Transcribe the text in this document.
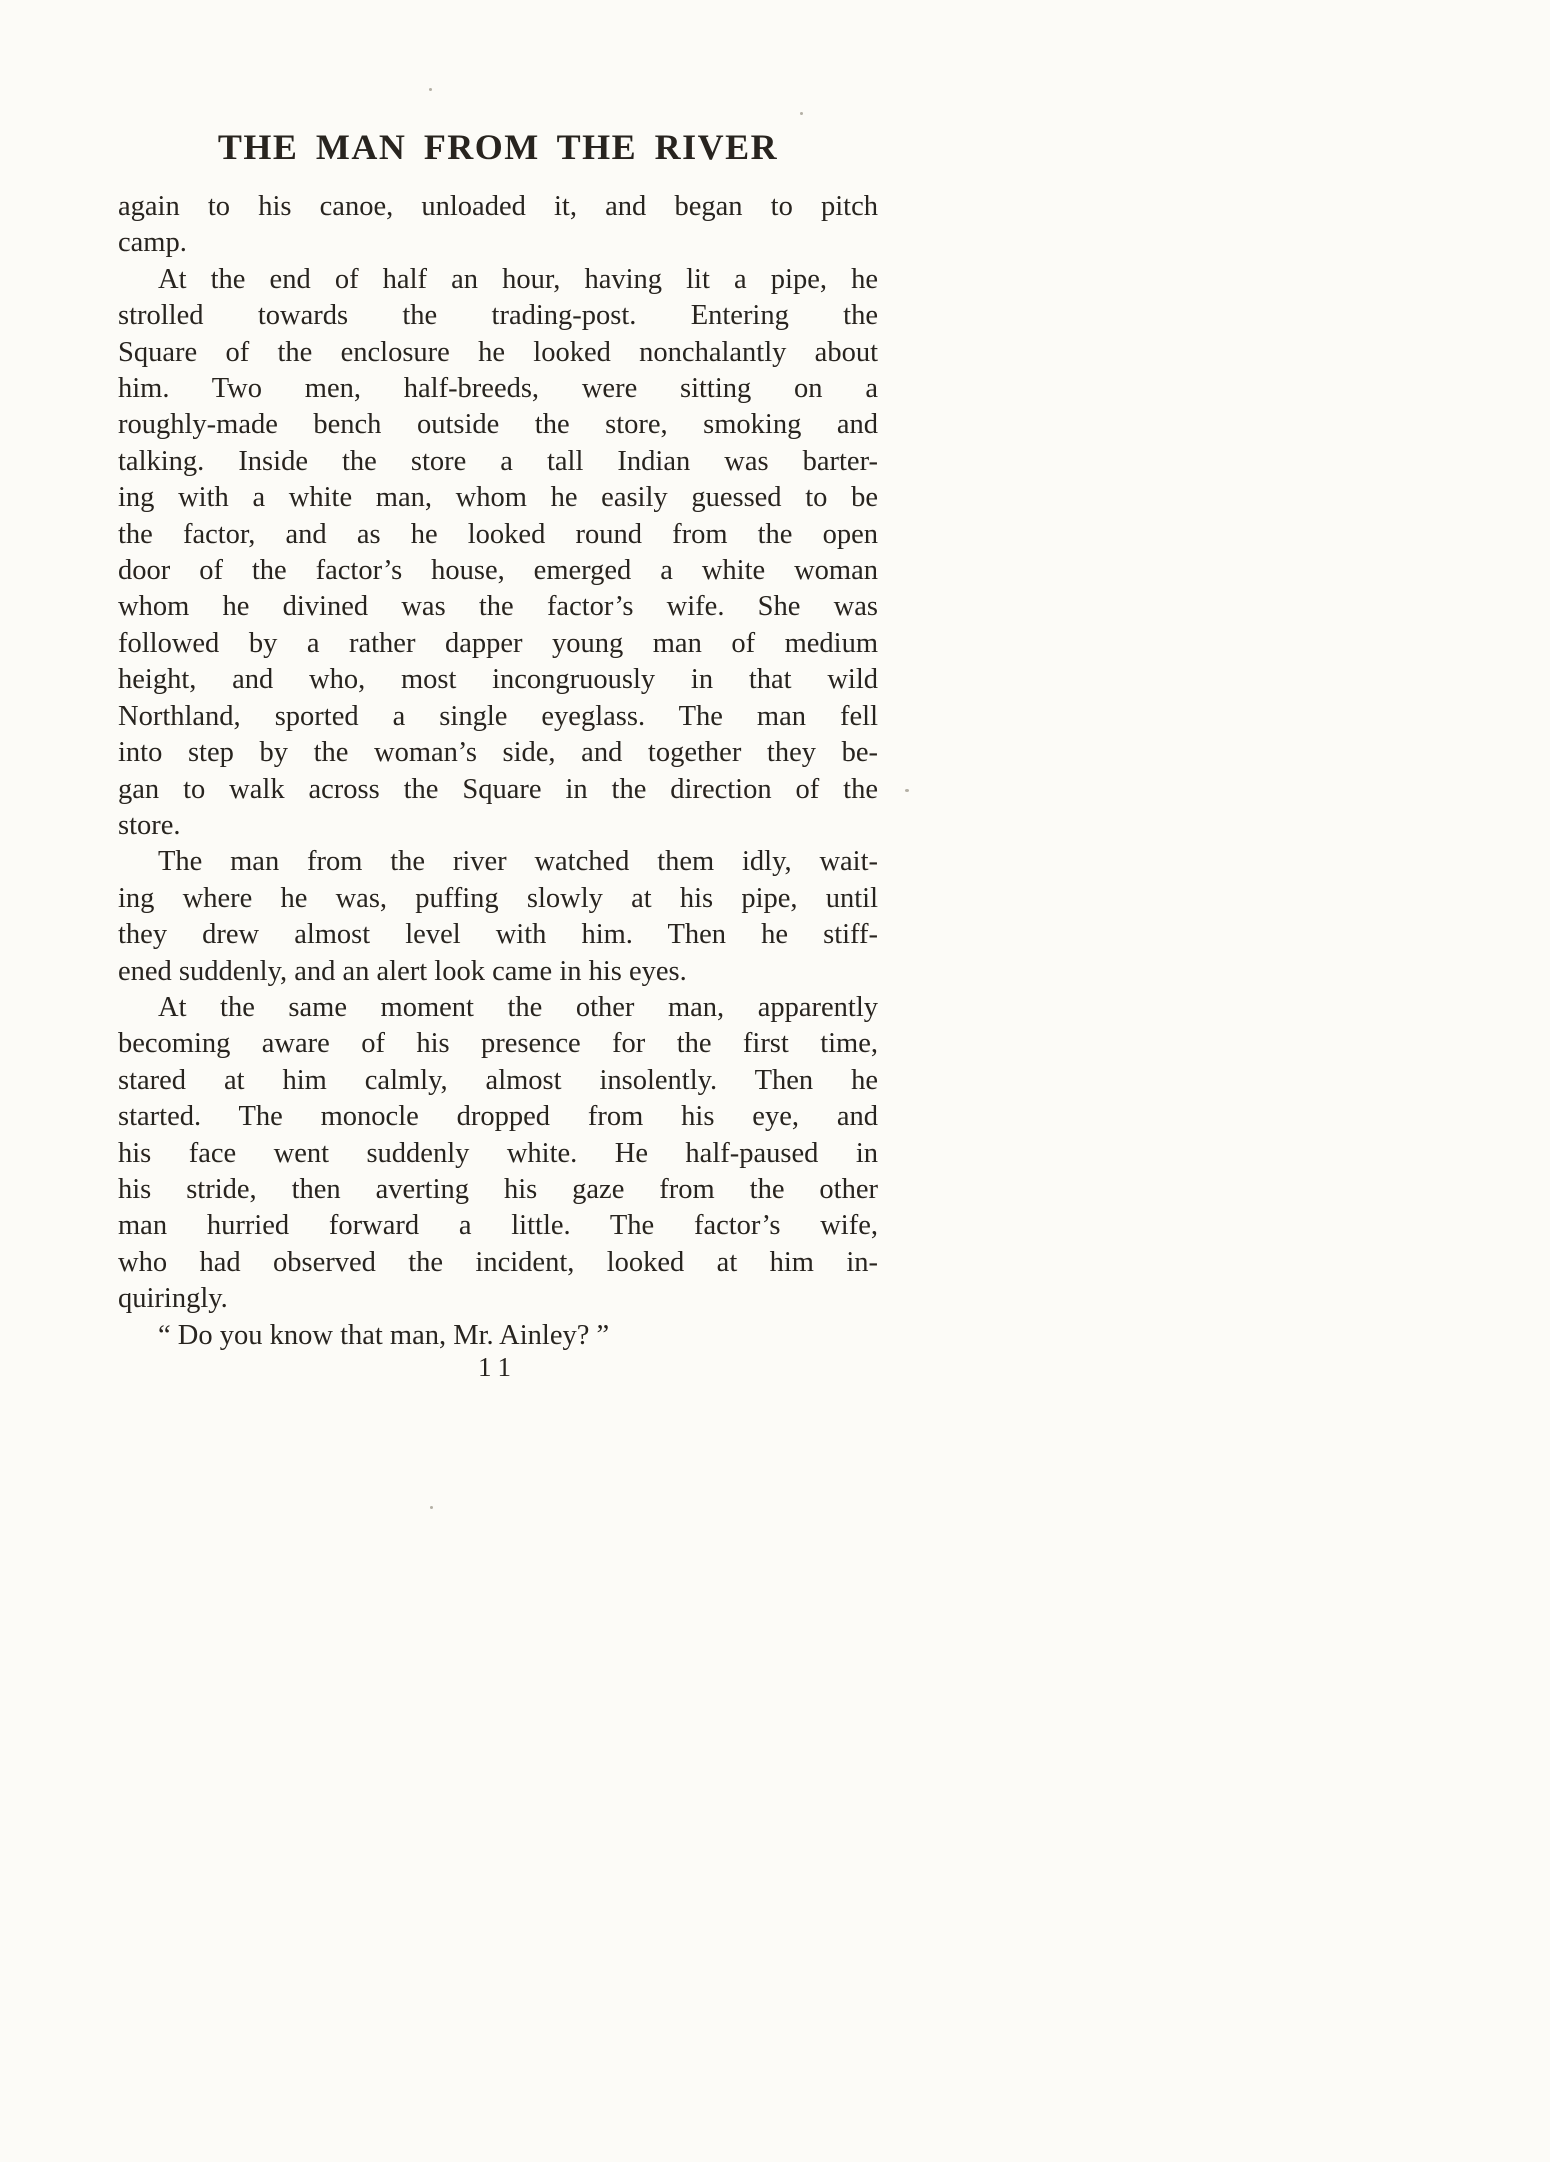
THE MAN FROM THE RIVER
again to his canoe, unloaded it, and began to pitch
camp.
At the end of half an hour, having lit a pipe, he
strolled towards the trading-post. Entering the
Square of the enclosure he looked nonchalantly about
him. Two men, half-breeds, were sitting on a
roughly-made bench outside the store, smoking and
talking. Inside the store a tall Indian was barter-
ing with a white man, whom he easily guessed to be
the factor, and as he looked round from the open
door of the factor’s house, emerged a white woman
whom he divined was the factor’s wife. She was
followed by a rather dapper young man of medium
height, and who, most incongruously in that wild
Northland, sported a single eyeglass. The man fell
into step by the woman’s side, and together they be-
gan to walk across the Square in the direction of the
store.
The man from the river watched them idly, wait-
ing where he was, puffing slowly at his pipe, until
they drew almost level with him. Then he stiff-
ened suddenly, and an alert look came in his eyes.
At the same moment the other man, apparently
becoming aware of his presence for the first time,
stared at him calmly, almost insolently. Then he
started. The monocle dropped from his eye, and
his face went suddenly white. He half-paused in
his stride, then averting his gaze from the other
man hurried forward a little. The factor’s wife,
who had observed the incident, looked at him in-
quiringly.
“ Do you know that man, Mr. Ainley? ”
11
